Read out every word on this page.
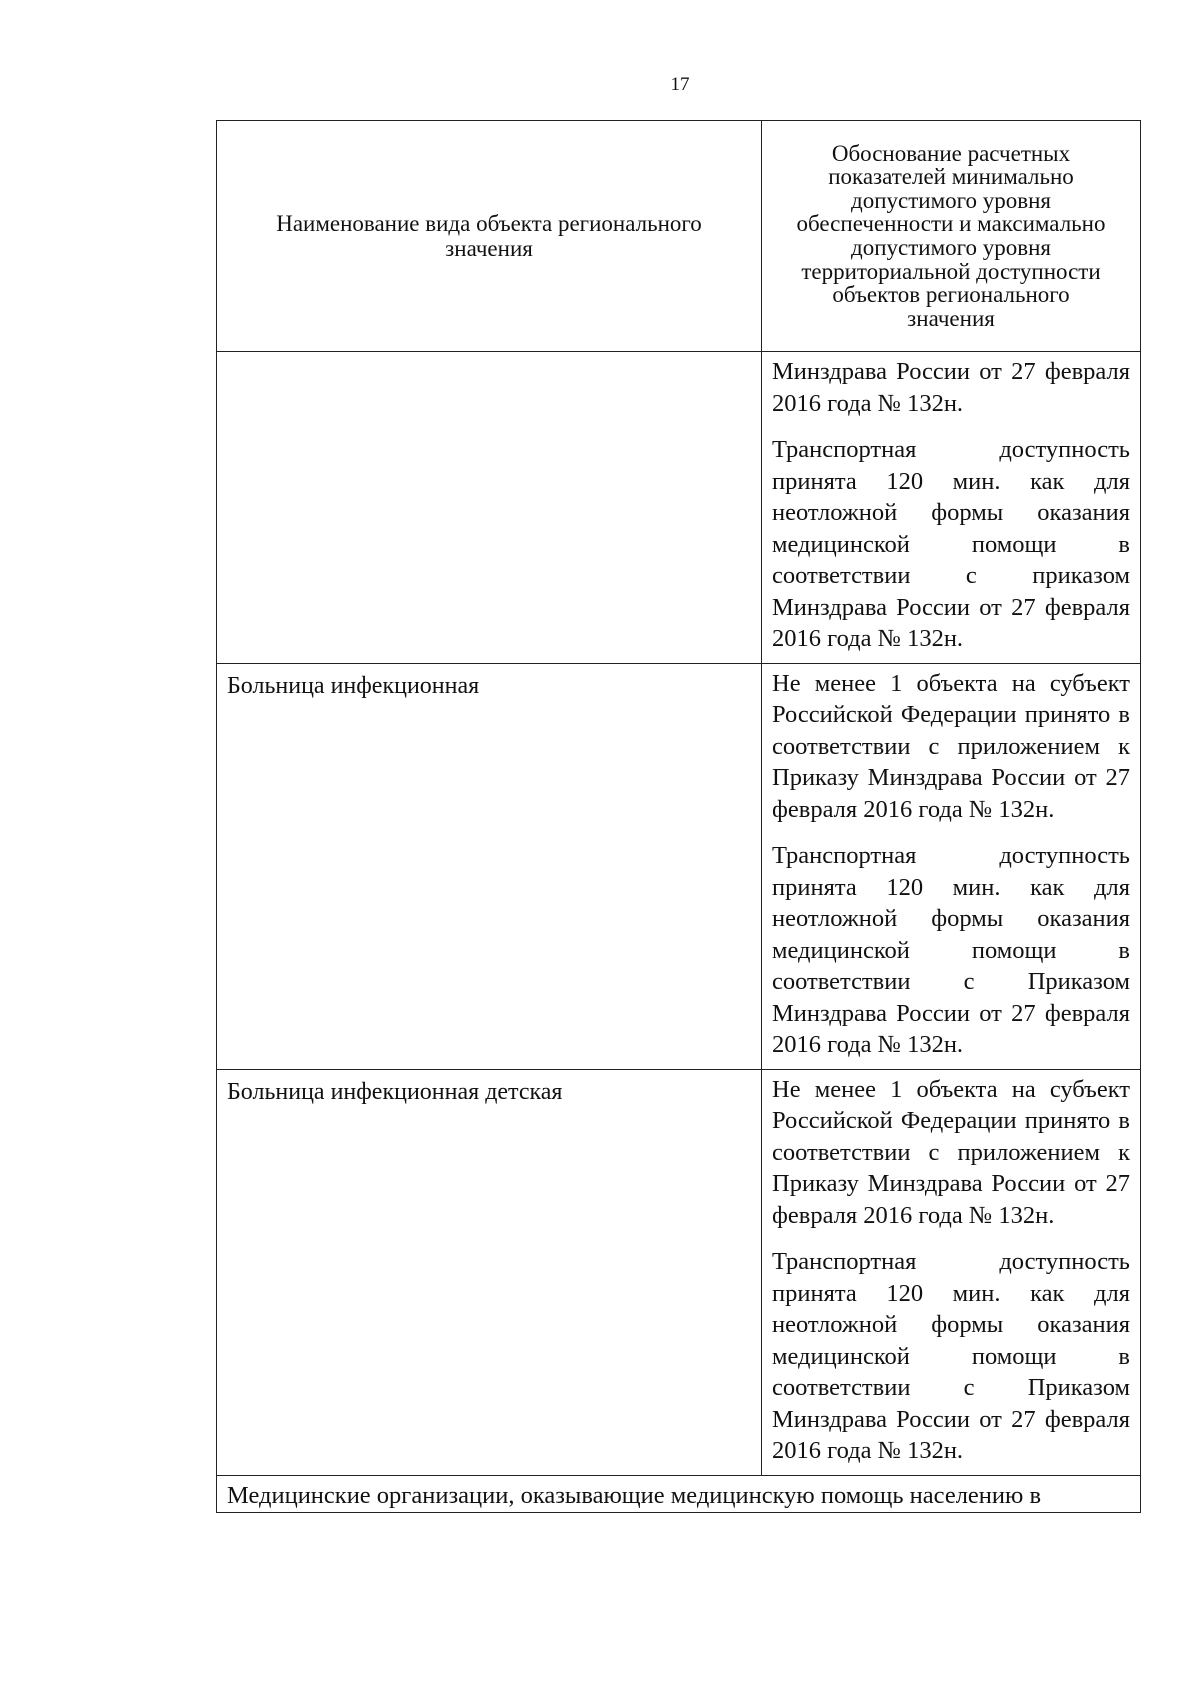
17
Наименование вида объекта регионального значения	Обоснование расчетных показателей минимально допустимого уровня обеспеченности и максимально допустимого уровня территориальной доступности объектов регионального значения

	Минздрава России от 27 февраля 2016 года № 132н.

Транспортная доступность принята 120 мин. как для неотложной формы оказания медицинской помощи в соответствии с приказом Минздрава России от 27 февраля 2016 года № 132н.

Больница инфекционная	Не менее 1 объекта на субъект Российской Федерации принято в соответствии с приложением к Приказу Минздрава России от 27 февраля 2016 года № 132н.

Транспортная доступность принята 120 мин. как для неотложной формы оказания медицинской помощи в соответствии с Приказом Минздрава России от 27 февраля 2016 года № 132н.

Больница инфекционная детская	Не менее 1 объекта на субъект Российской Федерации принято в соответствии с приложением к Приказу Минздрава России от 27 февраля 2016 года № 132н.

Транспортная доступность принята 120 мин. как для неотложной формы оказания медицинской помощи в соответствии с Приказом Минздрава России от 27 февраля 2016 года № 132н.

Медицинские организации, оказывающие медицинскую помощь населению в	
